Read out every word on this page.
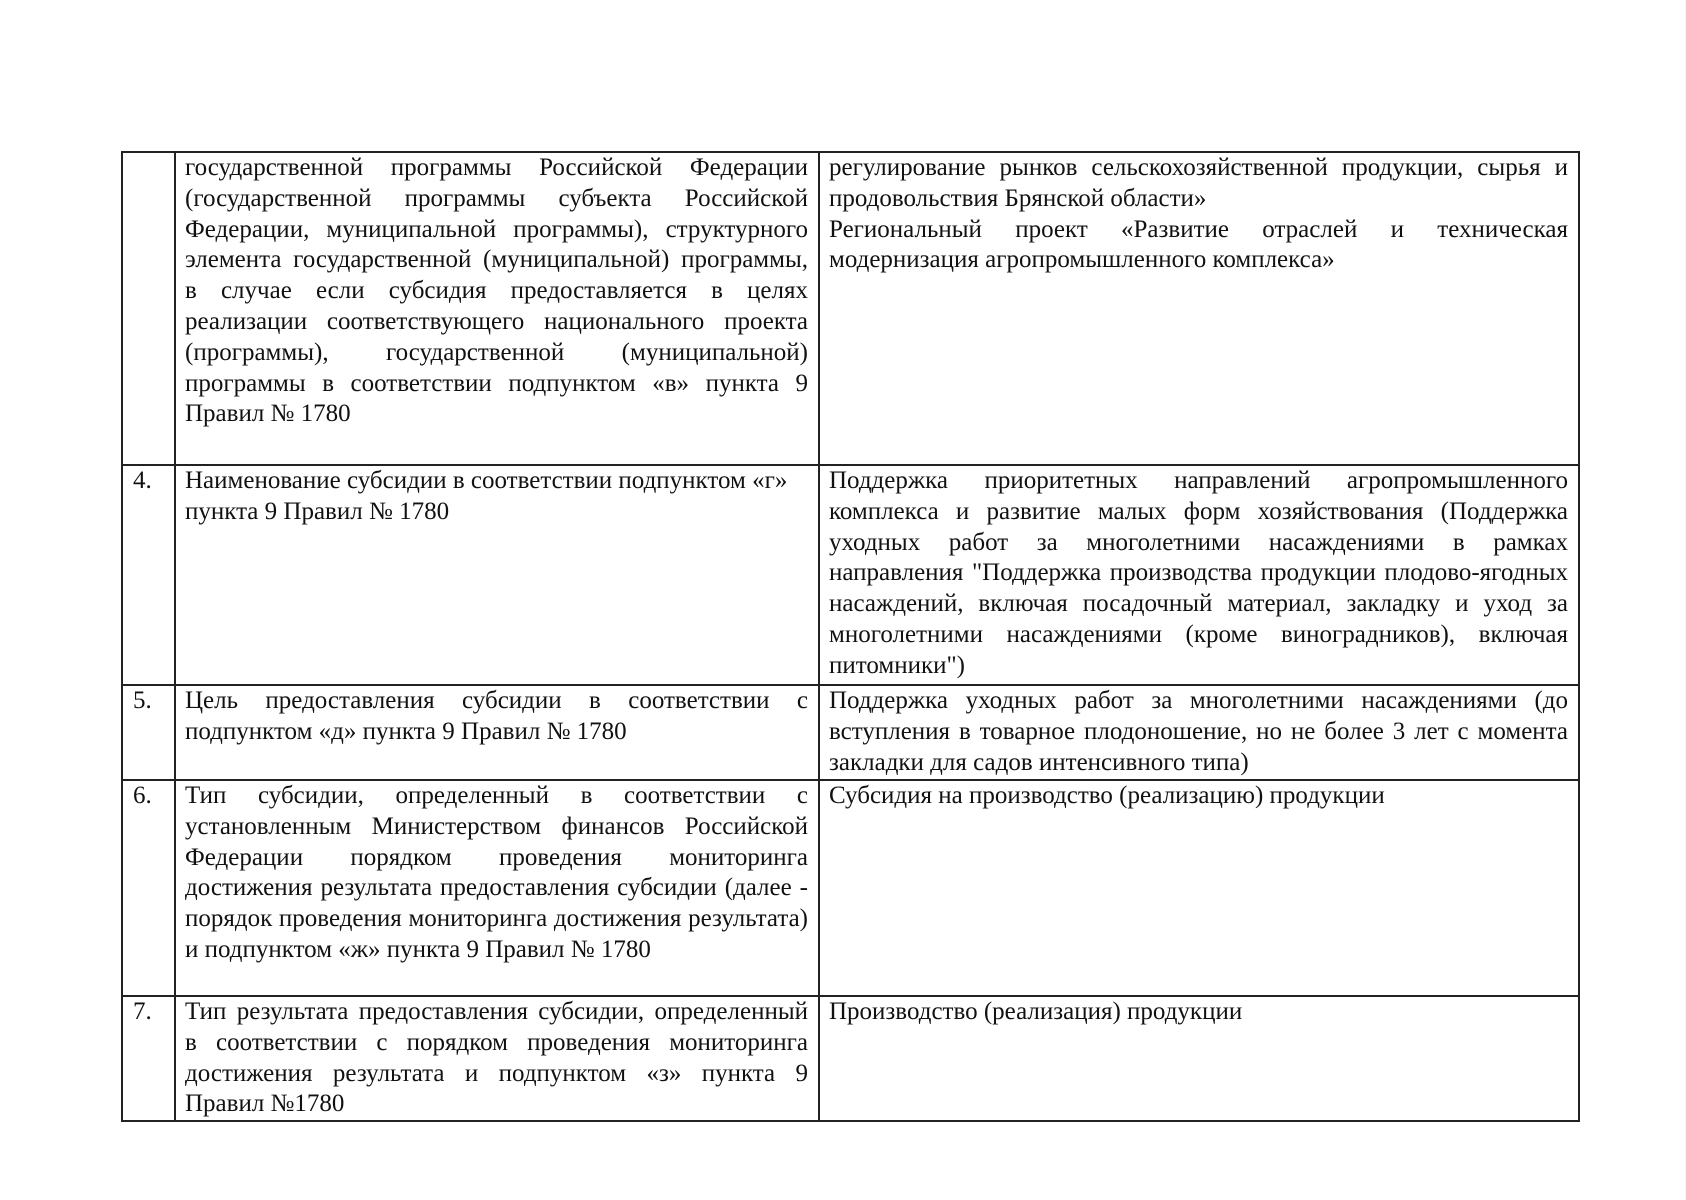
	государственной программы Российской Федерации (государственной программы субъекта Российской Федерации, муниципальной программы), структурного элемента государственной (муниципальной) программы, в случае если субсидия предоставляется в целях реализации соответствующего национального проекта (программы), государственной (муниципальной) программы в соответствии подпунктом «в» пункта 9 Правил № 1780	регулирование рынков сельскохозяйственной продукции, сырья и продовольствия Брянской области»

Региональный проект «Развитие отраслей и техническая модернизация агропромышленного комплекса»

4.	Наименование субсидии в соответствии подпунктом «г» пункта 9 Правил № 1780	Поддержка приоритетных направлений агропромышленного комплекса и развитие малых форм хозяйствования (Поддержка уходных работ за многолетними насаждениями в рамках направления "Поддержка производства продукции плодово-ягодных насаждений, включая посадочный материал, закладку и уход за многолетними насаждениями (кроме виноградников), включая питомники")

5.	Цель предоставления субсидии в соответствии с подпунктом «д» пункта 9 Правил № 1780	Поддержка уходных работ за многолетними насаждениями (до вступления в товарное плодоношение, но не более 3 лет с момента закладки для садов интенсивного типа)

6.	Тип субсидии, определенный в соответствии с установленным Министерством финансов Российской Федерации порядком проведения мониторинга достижения результата предоставления субсидии (далее - порядок проведения мониторинга достижения результата) и подпунктом «ж» пункта 9 Правил № 1780	Субсидия на производство (реализацию) продукции

7.	Тип результата предоставления субсидии, определенный в соответствии с порядком проведения мониторинга достижения результата и подпунктом «з» пункта 9 Правил №1780	Производство (реализация) продукции
